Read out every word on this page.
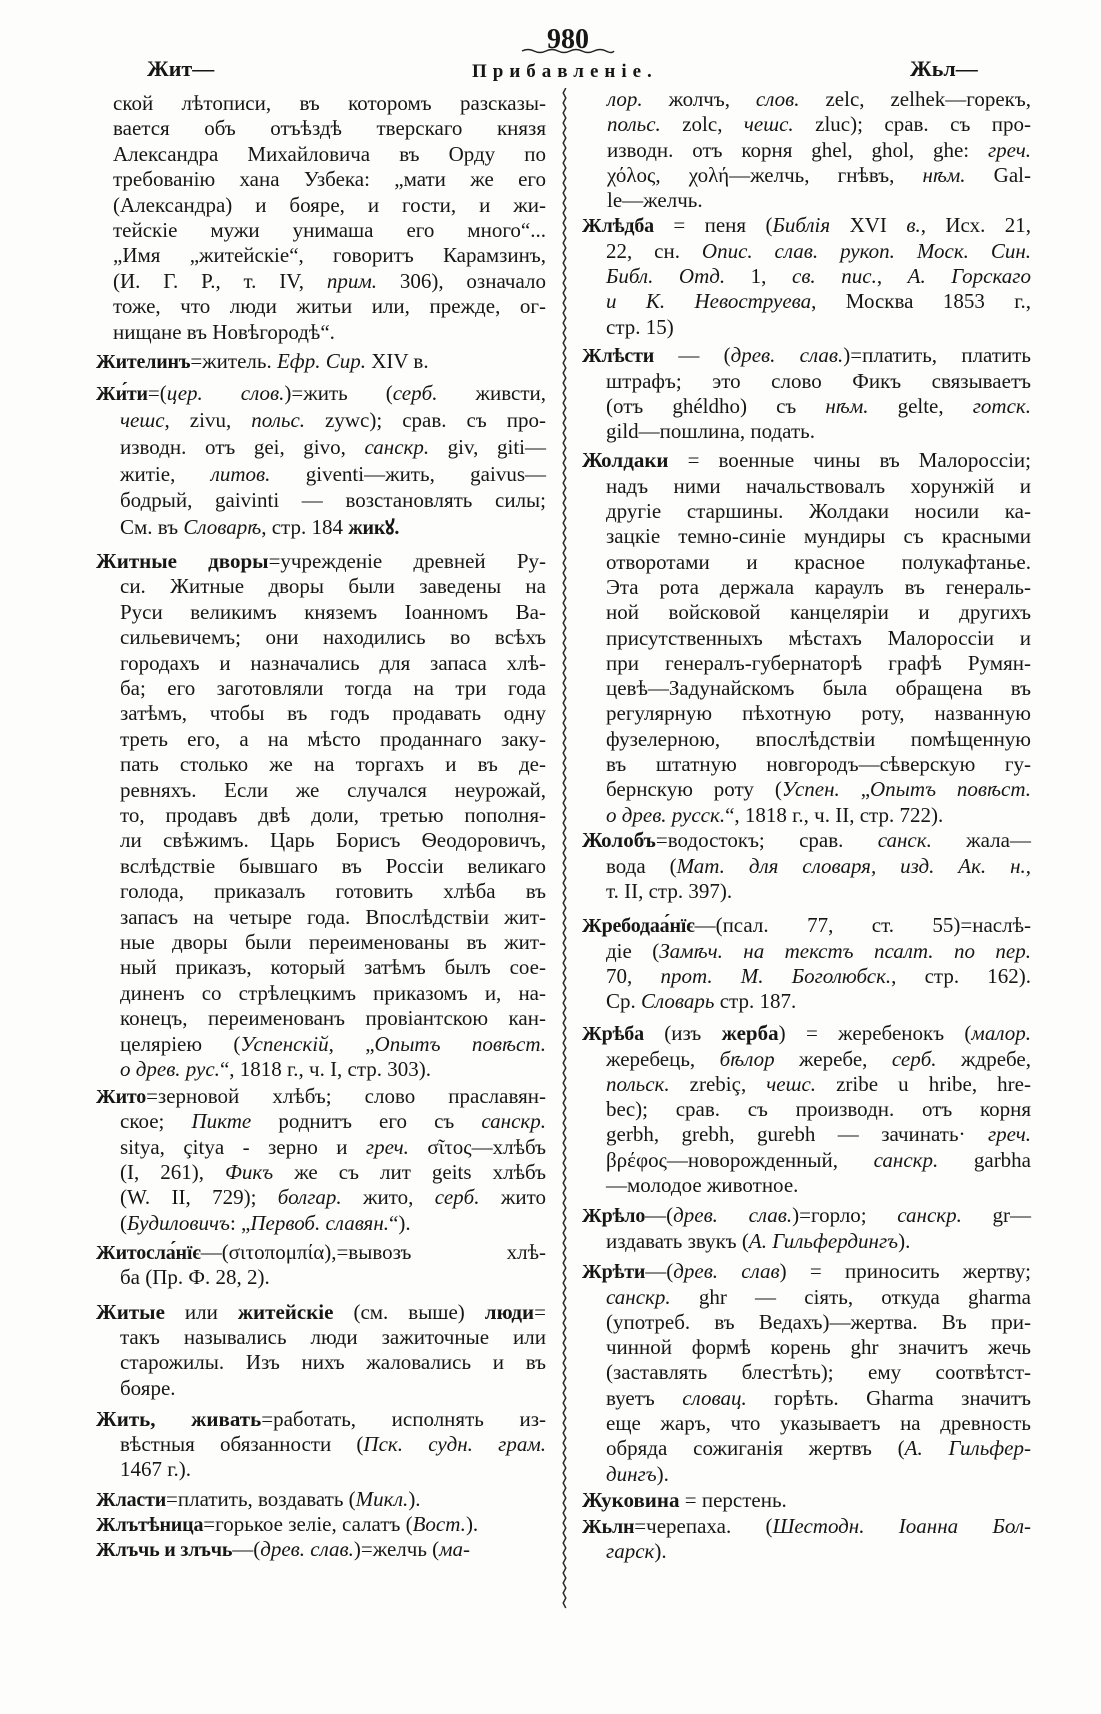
Жит—
980
Прибавленіе.	Жьл—
ской лѣтописи, въ которомъ разсказы-
вается объ отъѣздѣ тверскаго князя
Александра Михайловича въ Орду по
требованію хана Узбека: „мати же его
(Александра) и бояре, и гости, и жи-
тейскіе мужи унимаша его много“...
„Имя „житейскіе“, говоритъ Карамзинъ,
(И. Г. Р., т. IV, прим. 306), означало
тоже, что люди житьи или, прежде, ог-
нищане въ Новѣгородѣ“.
Жителинъ=житель. Ефр. Сир. XIV в.
Жи́ти=(цер. слов.)=жить (серб. живсти,
чешс, zivu, польс. zywc); срав. съ про-
изводн. отъ gei, givo, санскр. giv, giti—
житіе, литов. giventi—жить, gaivus—
бодрый, gaivinti — возстановлять силы;
См. въ Словарѣ, стр. 184 жикꙋ.
Житные дворы=учрежденіе древней Ру-
си. Житные дворы были заведены на
Руси великимъ княземъ Іоанномъ Ва-
сильевичемъ; они находились во всѣхъ
городахъ и назначались для запаса хлѣ-
ба; его заготовляли тогда на три года
затѣмъ, чтобы въ годъ продавать одну
треть его, а на мѣсто проданнаго заку-
пать столько же на торгахъ и въ де-
ревняхъ. Если же случался неурожай,
то, продавъ двѣ доли, третью пополня-
ли свѣжимъ. Царь Борисъ Ѳеодоровичъ,
вслѣдствіе бывшаго въ Россіи великаго
голода, приказалъ готовить хлѣба въ
запасъ на четыре года. Впослѣдствіи жит-
ные дворы были переименованы въ жит-
ный приказъ, который затѣмъ былъ сое-
диненъ со стрѣлецкимъ приказомъ и, на-
конецъ, переименованъ провіантскою кан-
целяріею (Успенскій, „Опытъ повѣст.
о древ. рус.“, 1818 г., ч. I, стр. 303).
Жито=зерновой хлѣбъ; слово праславян-
ское; Пикте роднитъ его съ санскр.
sitya, çitya - зерно и греч. σῖτος—хлѣбъ
(I, 261), Фикъ же съ лит geits хлѣбъ
(W. II, 729); болгар. жито, серб. жито
(Будиловичъ: „Первоб. славян.“).
Житосла́нїє—(σιτοπομπία),=вывозъ хлѣ-
ба (Пр. Ф. 28, 2).
Житые или житейскіе (см. выше) люди=
такъ назывались люди зажиточные или
старожилы. Изъ нихъ жаловались и въ
бояре.
Жить, живать=работать, исполнять из-
вѣстныя обязанности (Пск. судн. грам.
1467 г.).
Жласти=платить, воздавать (Микл.).
Жлътѣница=горькое зеліе, салатъ (Вост.).
Жлъчь и злъчь—(древ. слав.)=желчь (ма-
лор. жолчъ, слов. zelc, zelhek—горекъ,
польс. zolc, чешс. zluc); срав. съ про-
изводн. отъ корня ghel, ghol, ghe: греч.
χόλος, χολή—желчь, гнѣвъ, нѣм. Gal-
le—желчь.
Жлѣдба = пеня (Библія XVI в., Исх. 21,
22, сн. Опис. слав. рукоп. Моск. Син.
Библ. Отд. 1, св. пис., А. Горскаго
и К. Невоструева, Москва 1853 г.,
стр. 15)
Жлѣсти — (древ. слав.)=платить, платить
штрафъ; это слово Фикъ связываетъ
(отъ ghéldho) съ нѣм. gelte, готск.
gild—пошлина, подать.
Жолдаки = военные чины въ Малороссіи;
надъ ними начальствовалъ хорунжій и
другіе старшины. Жолдаки носили ка-
зацкіе темно-синіе мундиры съ красными
отворотами и красное полукафтанье.
Эта рота держала караулъ въ генераль-
ной войсковой канцеляріи и другихъ
присутственныхъ мѣстахъ Малороссіи и
при генералъ-губернаторѣ графѣ Румян-
цевѣ—Задунайскомъ была обращена въ
регулярную пѣхотную роту, названную
фузелерною, впослѣдствіи помѣщенную
въ штатную новгородъ—сѣверскую гу-
бернскую роту (Успен. „Опытъ повѣст.
о древ. русск.“, 1818 г., ч. II, стр. 722).
Жолобъ=водостокъ; срав. санск. жала—
вода (Мат. для словаря, изд. Ак. н.,
т. II, стр. 397).
Жребодаа́нїє—(псал. 77, ст. 55)=наслѣ-
діе (Замѣч. на текстъ псалт. по пер.
70, прот. М. Боголюбск., стр. 162).
Ср. Словарь стр. 187.
Жрѣба (изъ жерба) = жеребенокъ (малор.
жеребець, бѣлор жеребе, серб. ждребе,
польск. zrebiç, чешс. zribe u hribe, hre-
bec); срав. съ производн. отъ корня
gerbh, grebh, gurebh — зачинать· греч.
βρέφος—новорожденный, санскр. garbha
—молодое животное.
Жрѣло—(древ. слав.)=горло; санскр. gr—
издавать звукъ (А. Гильфердингъ).
Жрѣти—(древ. слав) = приносить жертву;
санскр. ghr — сіять, откуда gharma
(употреб. въ Ведахъ)—жертва. Въ при-
чинной формѣ корень ghr значитъ жечь
(заставлять блестѣть); ему соотвѣтст-
вуетъ словац. горѣть. Gharma значитъ
еще жаръ, что указываетъ на древность
обряда сожиганія жертвъ (А. Гильфер-
дингъ).
Жуковина = перстень.
Жьлн=черепаха. (Шестодн. Іоанна Бол-
гарск).
